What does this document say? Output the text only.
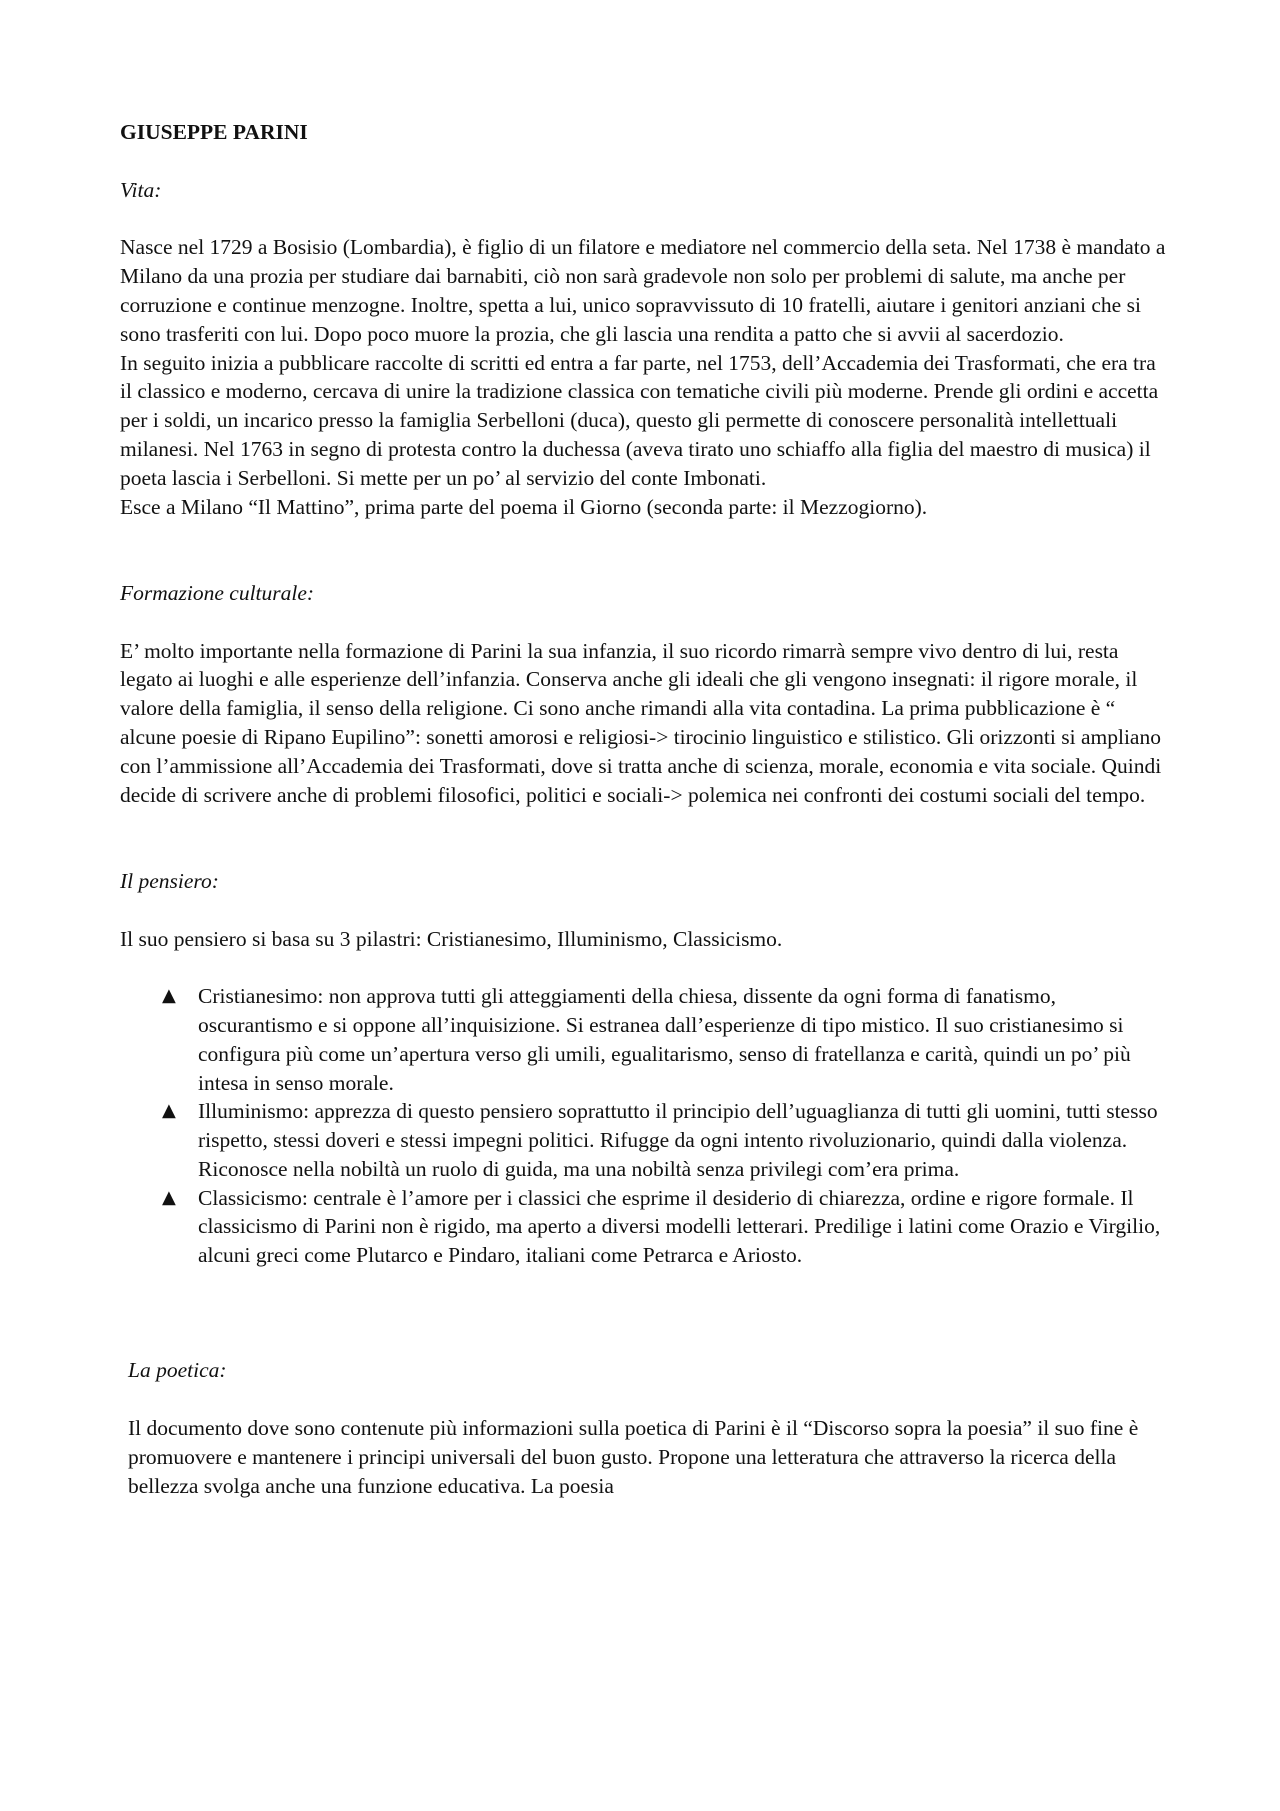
GIUSEPPE PARINI
Vita:

Nasce nel 1729 a Bosisio (Lombardia), è figlio di un filatore e mediatore nel commercio della seta. Nel 1738 è mandato a Milano da una prozia per studiare dai barnabiti, ciò non sarà gradevole non solo per problemi di salute, ma anche per corruzione e continue menzogne. Inoltre, spetta a lui, unico sopravvissuto di 10 fratelli, aiutare i genitori anziani che si sono trasferiti con lui. Dopo poco muore la prozia, che gli lascia una rendita a patto che si avvii al sacerdozio.

In seguito inizia a pubblicare raccolte di scritti ed entra a far parte, nel 1753, dell’Accademia dei Trasformati, che era tra il classico e moderno, cercava di unire la tradizione classica con tematiche civili più moderne. Prende gli ordini e accetta per i soldi, un incarico presso la famiglia Serbelloni (duca), questo gli permette di conoscere personalità intellettuali milanesi. Nel 1763 in segno di protesta contro la duchessa (aveva tirato uno schiaffo alla figlia del maestro di musica) il poeta lascia i Serbelloni. Si mette per un po’ al servizio del conte Imbonati.

Esce a Milano “Il Mattino”, prima parte del poema il Giorno (seconda parte: il Mezzogiorno).

Formazione culturale:

E’ molto importante nella formazione di Parini la sua infanzia, il suo ricordo rimarrà sempre vivo dentro di lui, resta legato ai luoghi e alle esperienze dell’infanzia. Conserva anche gli ideali che gli vengono insegnati: il rigore morale, il valore della famiglia, il senso della religione. Ci sono anche rimandi alla vita contadina. La prima pubblicazione è “ alcune poesie di Ripano Eupilino”: sonetti amorosi e religiosi-> tirocinio linguistico e stilistico. Gli orizzonti si ampliano con l’ammissione all’Accademia dei Trasformati, dove si tratta anche di scienza, morale, economia e vita sociale. Quindi decide di scrivere anche di problemi filosofici, politici e sociali-> polemica nei confronti dei costumi sociali del tempo.

Il pensiero:
Il suo pensiero si basa su 3 pilastri: Cristianesimo, Illuminismo, Classicismo.
▲ Cristianesimo: non approva tutti gli atteggiamenti della chiesa, dissente da ogni forma di fanatismo, oscurantismo e si oppone all’inquisizione. Si estranea dall’esperienze di tipo mistico. Il suo cristianesimo si configura più come un’apertura verso gli umili, egualitarismo, senso di fratellanza e carità, quindi un po’ più intesa in senso morale.
▲ Illuminismo: apprezza di questo pensiero soprattutto il principio dell’uguaglianza di tutti gli uomini, tutti stesso rispetto, stessi doveri e stessi impegni politici. Rifugge da ogni intento rivoluzionario, quindi dalla violenza. Riconosce nella nobiltà un ruolo di guida, ma una nobiltà senza privilegi com’era prima.
▲ Classicismo: centrale è l’amore per i classici che esprime il desiderio di chiarezza, ordine e rigore formale. Il classicismo di Parini non è rigido, ma aperto a diversi modelli letterari. Predilige i latini come Orazio e Virgilio, alcuni greci come Plutarco e Pindaro, italiani come Petrarca e Ariosto.
La poetica:

Il documento dove sono contenute più informazioni sulla poetica di Parini è il “Discorso sopra la poesia” il suo fine è promuovere e mantenere i principi universali del buon gusto. Propone una letteratura che attraverso la ricerca della bellezza svolga anche una funzione educativa. La poesia
